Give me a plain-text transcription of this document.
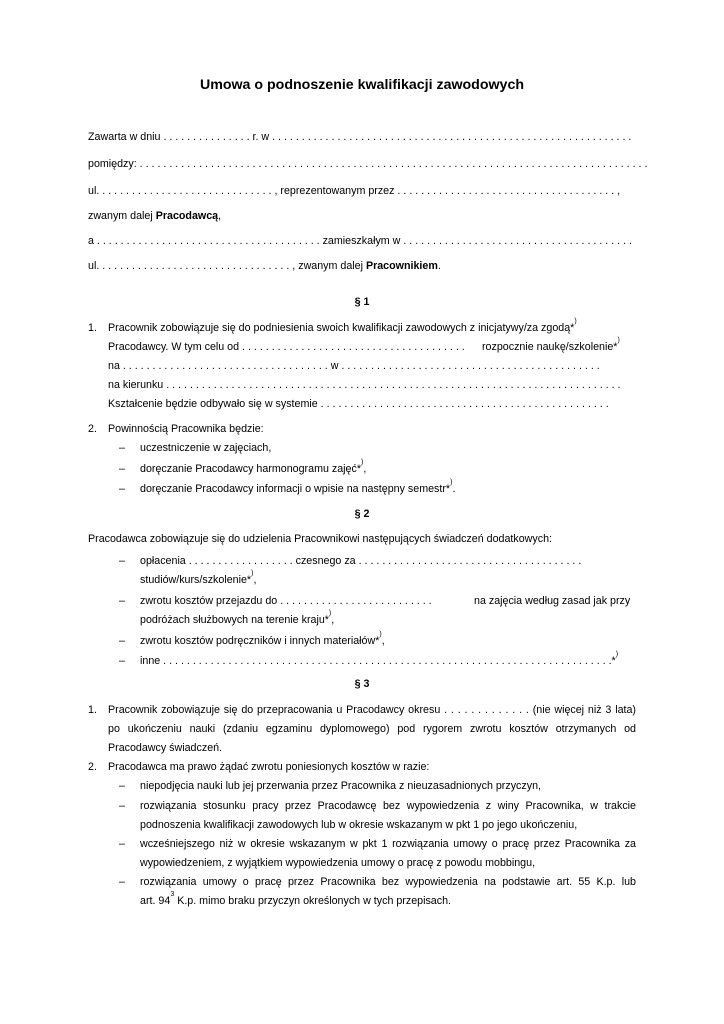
Umowa o podnoszenie kwalifikacji zawodowych
Zawarta w dniu . . . . . . . . . . . . . . . r. w . . . . . . . . . . . . . . . . . . . . . . . . . . . . . . . . . . . . . . . . . . . . . . . . . . . . . . . . . . . . .
pomiędzy: . . . . . . . . . . . . . . . . . . . . . . . . . . . . . . . . . . . . . . . . . . . . . . . . . . . . . . . . . . . . . . . . . . . . . . . . . . . . . . . . . . . . . .
ul. . . . . . . . . . . . . . . . . . . . . . . . . . . . . . , reprezentowanym przez . . . . . . . . . . . . . . . . . . . . . . . . . . . . . . . . . . . . . ,
zwanym dalej Pracodawcą,
a . . . . . . . . . . . . . . . . . . . . . . . . . . . . . . . . . . . . . . zamieszkałym w . . . . . . . . . . . . . . . . . . . . . . . . . . . . . . . . . . . . . . .
ul. . . . . . . . . . . . . . . . . . . . . . . . . . . . . . . . . , zwanym dalej Pracownikiem.
§ 1
1. Pracownik zobowiązuje się do podniesienia swoich kwalifikacji zawodowych z inicjatywy/za zgodą*)
Pracodawcy. W tym celu od . . . . . . . . . . . . . . . . . . . . . . . . . . . . . . . . . . . . . . rozpocznie naukę/szkolenie*)
na . . . . . . . . . . . . . . . . . . . . . . . . . . . . . . . . . . . w . . . . . . . . . . . . . . . . . . . . . . . . . . . . . . . . . . . . . . . . . . . .
na kierunku . . . . . . . . . . . . . . . . . . . . . . . . . . . . . . . . . . . . . . . . . . . . . . . . . . . . . . . . . . . . . . . . . . . . . . . . . . . . .
Kształcenie będzie odbywało się w systemie . . . . . . . . . . . . . . . . . . . . . . . . . . . . . . . . . . . . . . . . . . . . . . . . .
2. Powinnością Pracownika będzie:
– uczestniczenie w zajęciach,
– doręczanie Pracodawcy harmonogramu zajęć*),
– doręczanie Pracodawcy informacji o wpisie na następny semestr*).
§ 2
Pracodawca zobowiązuje się do udzielenia Pracownikowi następujących świadczeń dodatkowych:
– opłacenia . . . . . . . . . . . . . . . . . . czesnego za . . . . . . . . . . . . . . . . . . . . . . . . . . . . . . . . . . . . . .
studiów/kurs/szkolenie*),
– zwrotu kosztów przejazdu do . . . . . . . . . . . . . . . . . . . . . . . . . .	na zajęcia według zasad jak przy
podróżach służbowych na terenie kraju*),
– zwrotu kosztów podręczników i innych materiałów*),
– inne . . . . . . . . . . . . . . . . . . . . . . . . . . . . . . . . . . . . . . . . . . . . . . . . . . . . . . . . . . . . . . . . . . . . . . . . . . . .*)
§ 3
1. Pracownik zobowiązuje się do przepracowania u Pracodawcy okresu . . . . . . . . . . . . . (nie więcej niż 3 lata)
po ukończeniu nauki (zdaniu egzaminu dyplomowego) pod rygorem zwrotu kosztów otrzymanych od
Pracodawcy świadczeń.
2. Pracodawca ma prawo żądać zwrotu poniesionych kosztów w razie:
– niepodjęcia nauki lub jej przerwania przez Pracownika z nieuzasadnionych przyczyn,
– rozwiązania stosunku pracy przez Pracodawcę bez wypowiedzenia z winy Pracownika, w trakcie
podnoszenia kwalifikacji zawodowych lub w okresie wskazanym w pkt 1 po jego ukończeniu,
– wcześniejszego niż w okresie wskazanym w pkt 1 rozwiązania umowy o pracę przez Pracownika za
wypowiedzeniem, z wyjątkiem wypowiedzenia umowy o pracę z powodu mobbingu,
– rozwiązania umowy o pracę przez Pracownika bez wypowiedzenia na podstawie art. 55 K.p. lub
art. $94^3$ K.p. mimo braku przyczyn określonych w tych przepisach.
